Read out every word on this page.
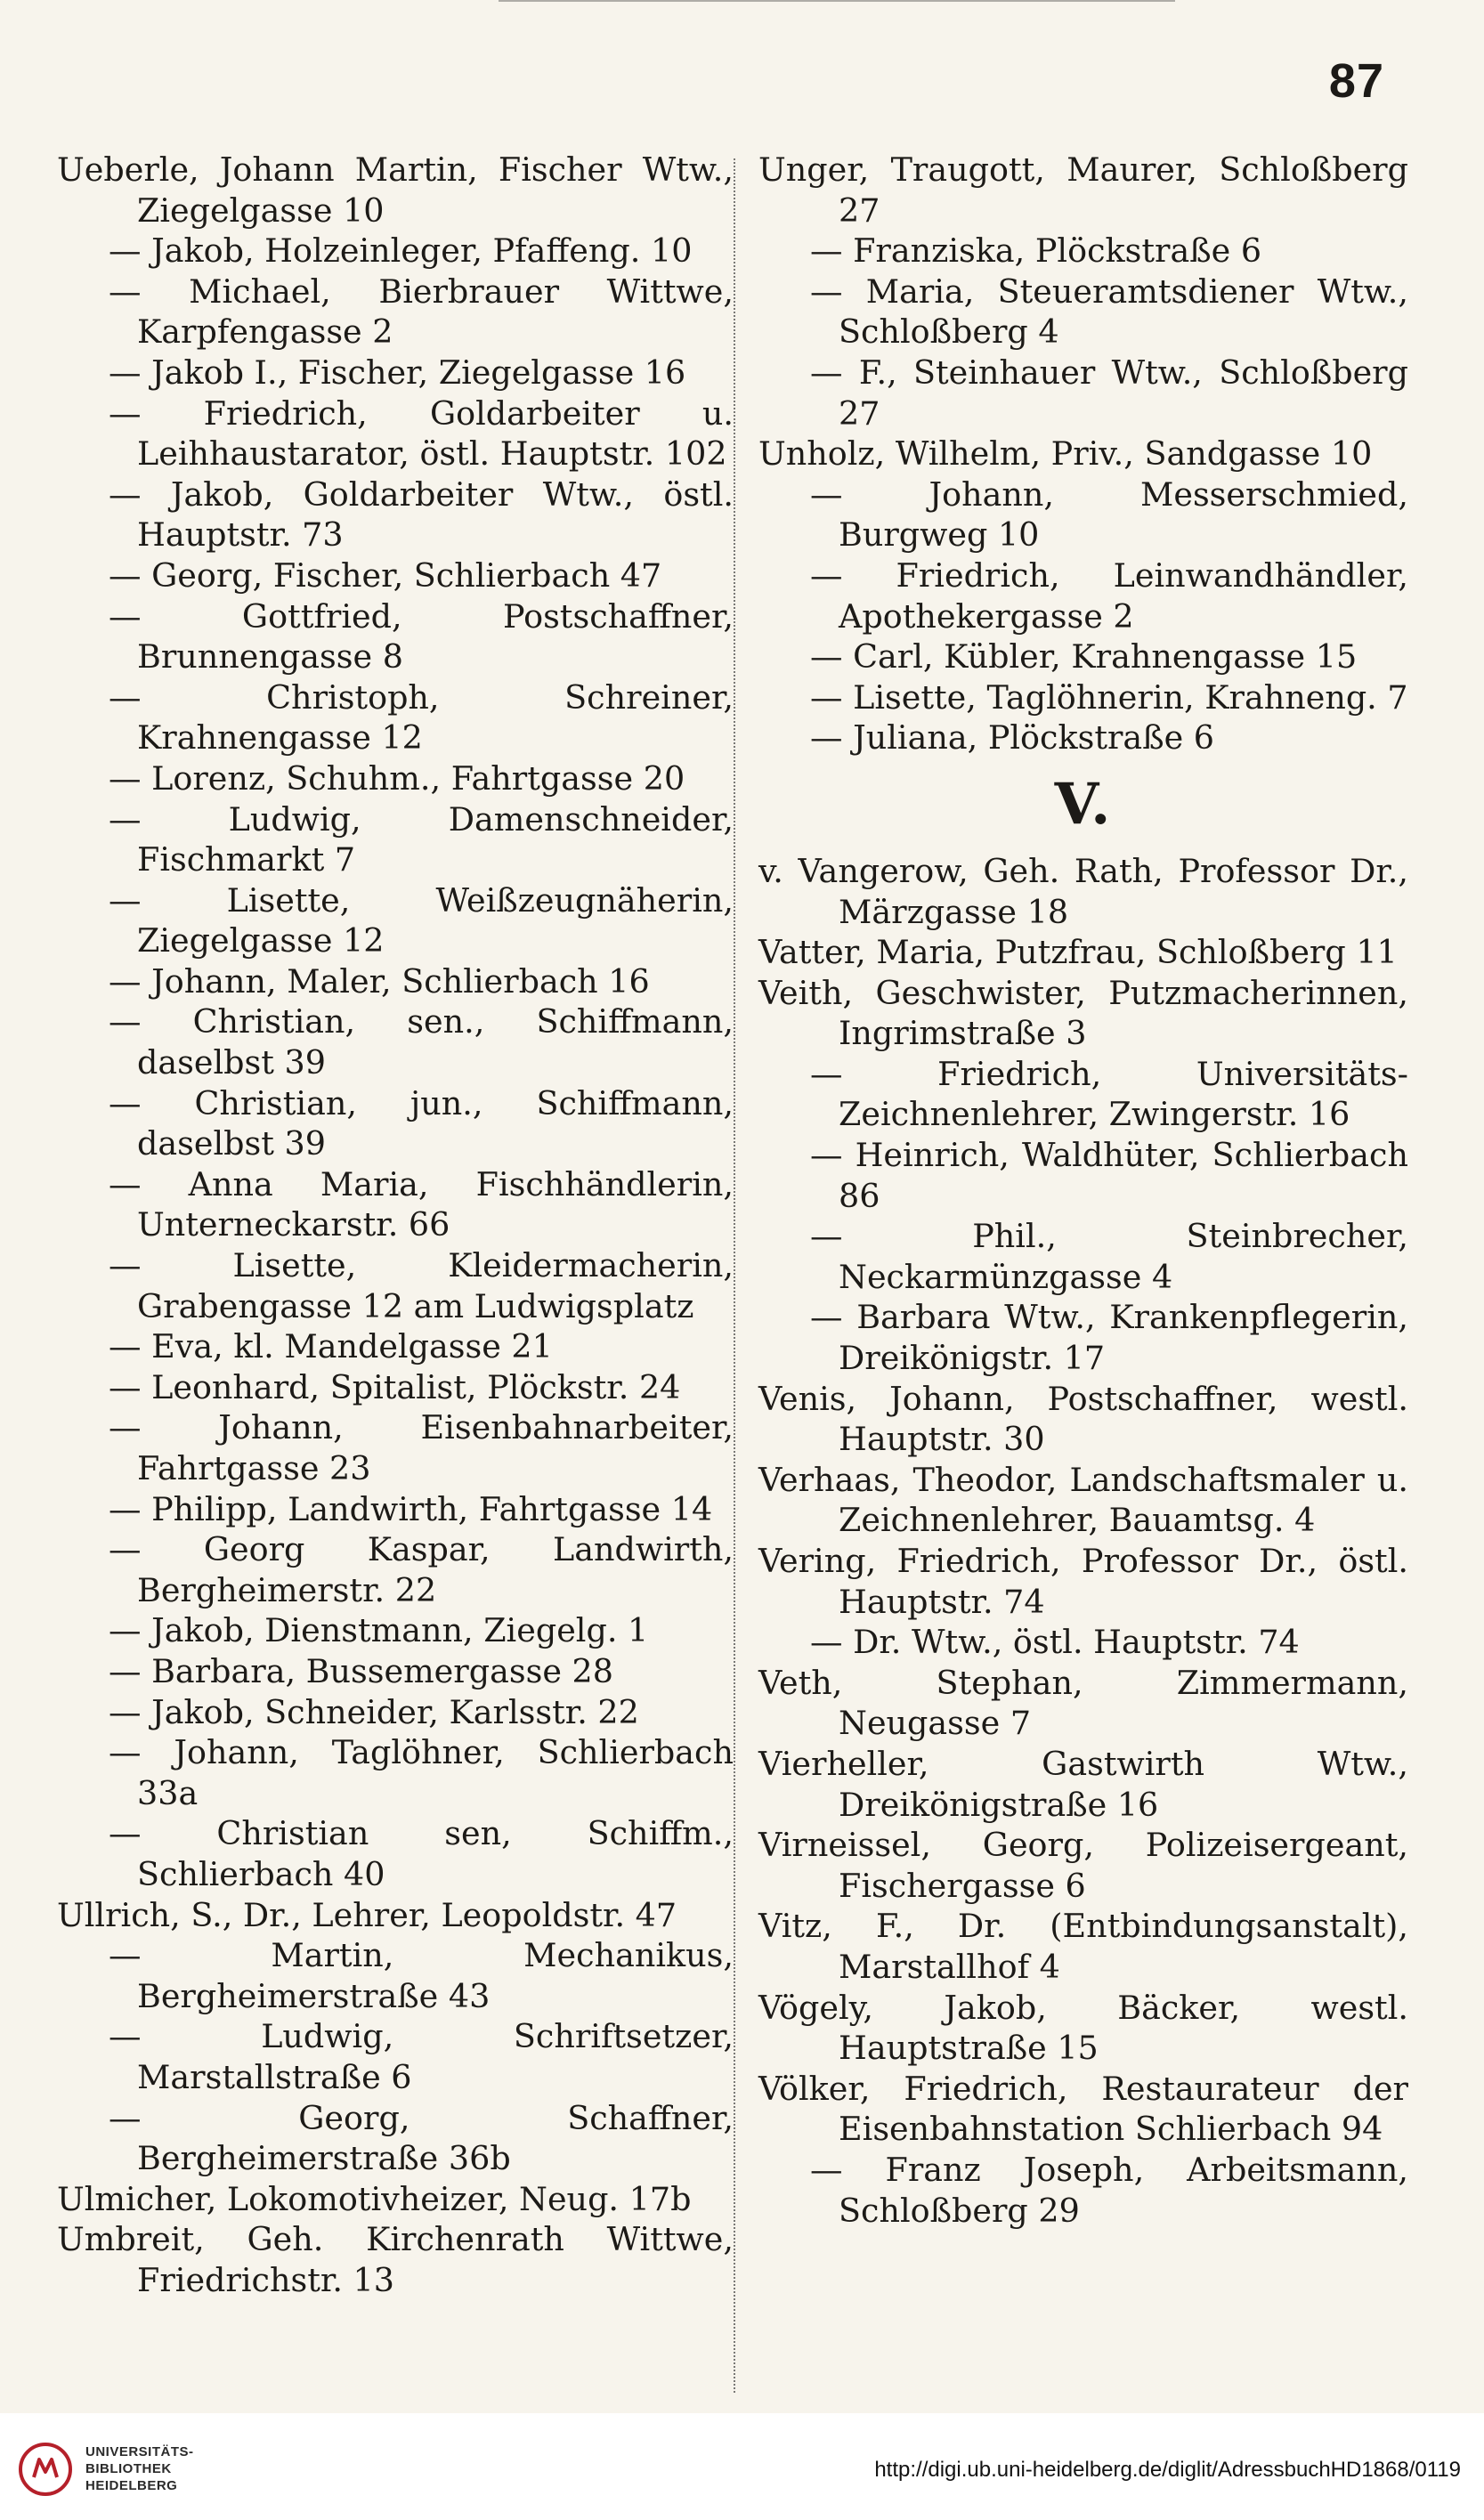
87
Ueberle, Johann Martin, Fischer Wtw., Ziegelgasse 10
— Jakob, Holzeinleger, Pfaffeng. 10
— Michael, Bierbrauer Wittwe, Karpfengasse 2
— Jakob I., Fischer, Ziegelgasse 16
— Friedrich, Goldarbeiter u. Leihhaustarator, östl. Hauptstr. 102
— Jakob, Goldarbeiter Wtw., östl. Hauptstr. 73
— Georg, Fischer, Schlierbach 47
— Gottfried, Postschaffner, Brunnengasse 8
— Christoph, Schreiner, Krahnengasse 12
— Lorenz, Schuhm., Fahrtgasse 20
— Ludwig, Damenschneider, Fischmarkt 7
— Lisette, Weißzeugnäherin, Ziegelgasse 12
— Johann, Maler, Schlierbach 16
— Christian, sen., Schiffmann, daselbst 39
— Christian, jun., Schiffmann, daselbst 39
— Anna Maria, Fischhändlerin, Unterneckarstr. 66
— Lisette, Kleidermacherin, Grabengasse 12 am Ludwigsplatz
— Eva, kl. Mandelgasse 21
— Leonhard, Spitalist, Plöckstr. 24
— Johann, Eisenbahnarbeiter, Fahrtgasse 23
— Philipp, Landwirth, Fahrtgasse 14
— Georg Kaspar, Landwirth, Bergheimerstr. 22
— Jakob, Dienstmann, Ziegelg. 1
— Barbara, Bussemergasse 28
— Jakob, Schneider, Karlsstr. 22
— Johann, Taglöhner, Schlierbach 33a
— Christian sen, Schiffm., Schlierbach 40
Ullrich, S., Dr., Lehrer, Leopoldstr. 47
— Martin, Mechanikus, Bergheimerstraße 43
— Ludwig, Schriftsetzer, Marstallstraße 6
— Georg, Schaffner, Bergheimerstraße 36b
Ulmicher, Lokomotivheizer, Neug. 17b
Umbreit, Geh. Kirchenrath Wittwe, Friedrichstr. 13
Unger, Traugott, Maurer, Schloßberg 27
— Franziska, Plöckstraße 6
— Maria, Steueramtsdiener Wtw., Schloßberg 4
— F., Steinhauer Wtw., Schloßberg 27
Unholz, Wilhelm, Priv., Sandgasse 10
— Johann, Messerschmied, Burgweg 10
— Friedrich, Leinwandhändler, Apothekergasse 2
— Carl, Kübler, Krahnengasse 15
— Lisette, Taglöhnerin, Krahneng. 7
— Juliana, Plöckstraße 6
V.
v. Vangerow, Geh. Rath, Professor Dr., Märzgasse 18
Vatter, Maria, Putzfrau, Schloßberg 11
Veith, Geschwister, Putzmacherinnen, Ingrimstraße 3
— Friedrich, Universitäts-Zeichnenlehrer, Zwingerstr. 16
— Heinrich, Waldhüter, Schlierbach 86
— Phil., Steinbrecher, Neckarmünzgasse 4
— Barbara Wtw., Krankenpflegerin, Dreikönigstr. 17
Venis, Johann, Postschaffner, westl. Hauptstr. 30
Verhaas, Theodor, Landschaftsmaler u. Zeichnenlehrer, Bauamtsg. 4
Vering, Friedrich, Professor Dr., östl. Hauptstr. 74
— Dr. Wtw., östl. Hauptstr. 74
Veth, Stephan, Zimmermann, Neugasse 7
Vierheller, Gastwirth Wtw., Dreikönigstraße 16
Virneissel, Georg, Polizeisergeant, Fischergasse 6
Vitz, F., Dr. (Entbindungsanstalt), Marstallhof 4
Vögely, Jakob, Bäcker, westl. Hauptstraße 15
Völker, Friedrich, Restaurateur der Eisenbahnstation Schlierbach 94
— Franz Joseph, Arbeitsmann, Schloßberg 29
UNIVERSITÄTS-
BIBLIOTHEK
HEIDELBERG
http://digi.ub.uni-heidelberg.de/diglit/AdressbuchHD1868/0119
